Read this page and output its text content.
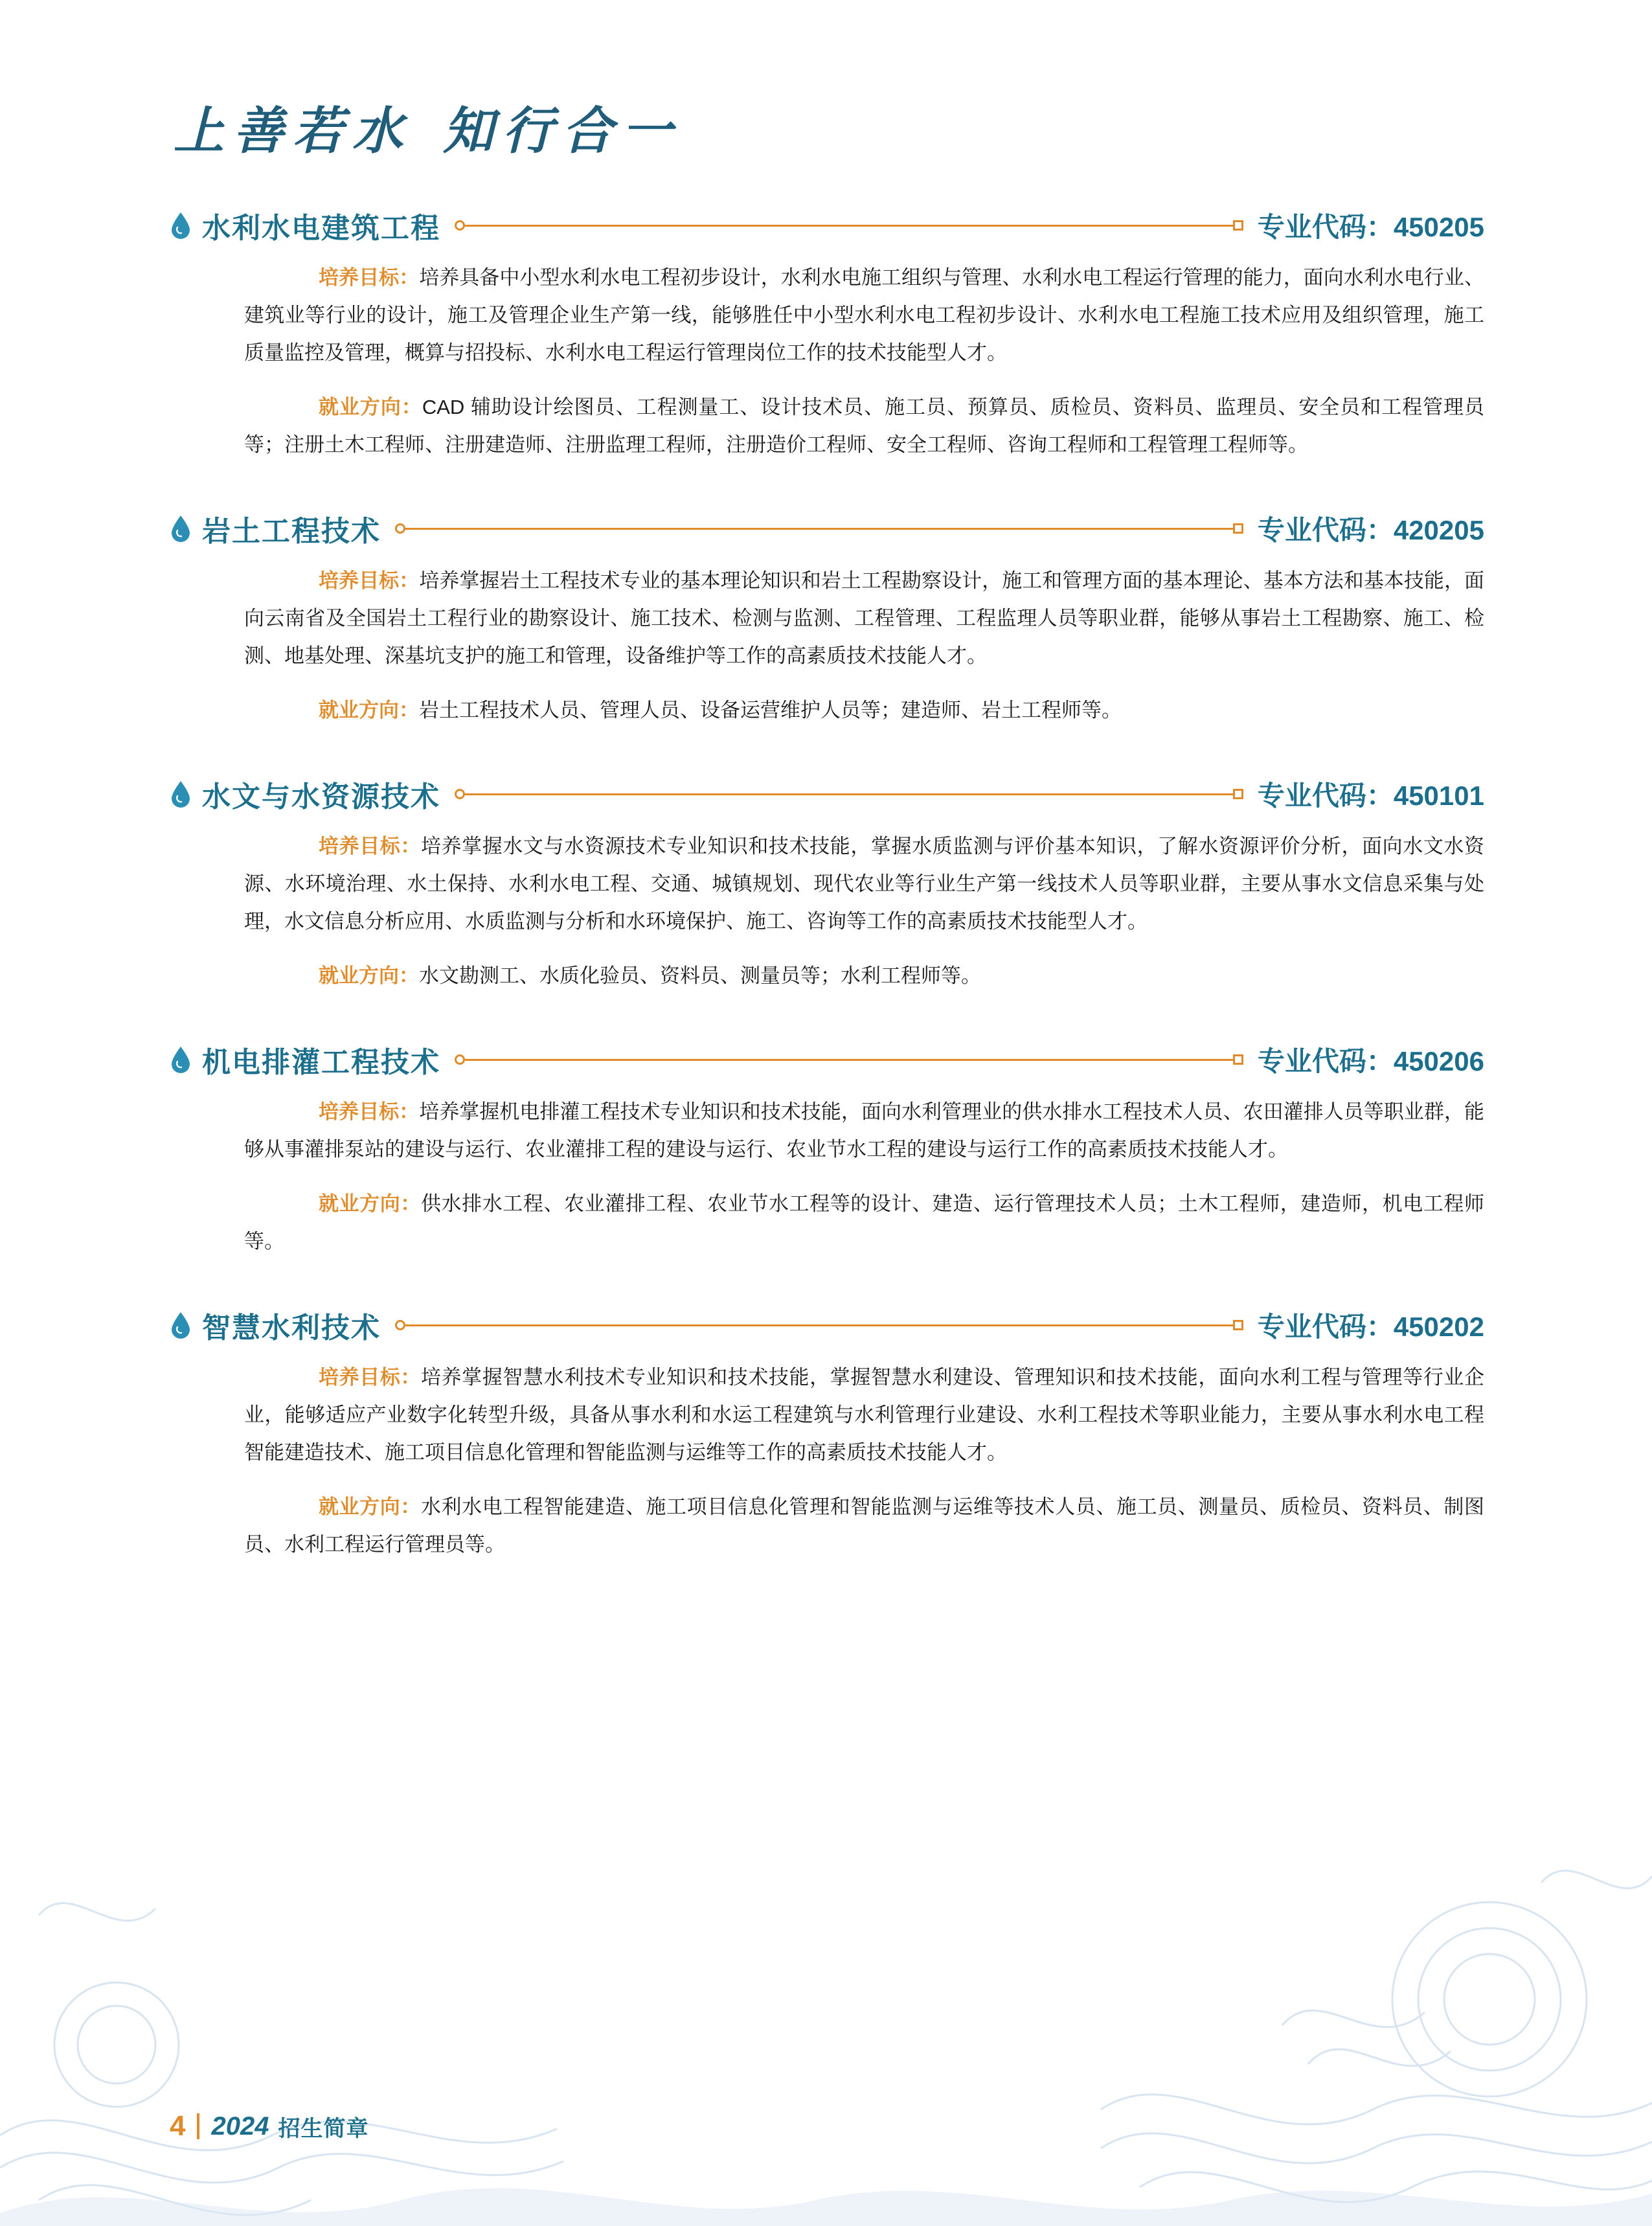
上善若水 知行合一
水利水电建筑工程	专业代码：450205

培养目标：培养具备中小型水利水电工程初步设计，水利水电施工组织与管理、水利水电工程运行管理的能力，面向水利水电行业、建筑业等行业的设计，施工及管理企业生产第一线，能够胜任中小型水利水电工程初步设计、水利水电工程施工技术应用及组织管理，施工质量监控及管理，概算与招投标、水利水电工程运行管理岗位工作的技术技能型人才。

就业方向：CAD 辅助设计绘图员、工程测量工、设计技术员、施工员、预算员、质检员、资料员、监理员、安全员和工程管理员等；注册土木工程师、注册建造师、注册监理工程师，注册造价工程师、安全工程师、咨询工程师和工程管理工程师等。

岩土工程技术	专业代码：420205

培养目标：培养掌握岩土工程技术专业的基本理论知识和岩土工程勘察设计，施工和管理方面的基本理论、基本方法和基本技能，面向云南省及全国岩土工程行业的勘察设计、施工技术、检测与监测、工程管理、工程监理人员等职业群，能够从事岩土工程勘察、施工、检测、地基处理、深基坑支护的施工和管理，设备维护等工作的高素质技术技能人才。

就业方向：岩土工程技术人员、管理人员、设备运营维护人员等；建造师、岩土工程师等。

水文与水资源技术	专业代码：450101

培养目标：培养掌握水文与水资源技术专业知识和技术技能，掌握水质监测与评价基本知识，了解水资源评价分析，面向水文水资源、水环境治理、水土保持、水利水电工程、交通、城镇规划、现代农业等行业生产第一线技术人员等职业群，主要从事水文信息采集与处理，水文信息分析应用、水质监测与分析和水环境保护、施工、咨询等工作的高素质技术技能型人才。

就业方向：水文勘测工、水质化验员、资料员、测量员等；水利工程师等。

机电排灌工程技术	专业代码：450206

培养目标：培养掌握机电排灌工程技术专业知识和技术技能，面向水利管理业的供水排水工程技术人员、农田灌排人员等职业群，能够从事灌排泵站的建设与运行、农业灌排工程的建设与运行、农业节水工程的建设与运行工作的高素质技术技能人才。

就业方向：供水排水工程、农业灌排工程、农业节水工程等的设计、建造、运行管理技术人员；土木工程师，建造师，机电工程师等。

智慧水利技术	专业代码：450202

培养目标：培养掌握智慧水利技术专业知识和技术技能，掌握智慧水利建设、管理知识和技术技能，面向水利工程与管理等行业企业，能够适应产业数字化转型升级，具备从事水利和水运工程建筑与水利管理行业建设、水利工程技术等职业能力，主要从事水利水电工程智能建造技术、施工项目信息化管理和智能监测与运维等工作的高素质技术技能人才。

就业方向：水利水电工程智能建造、施工项目信息化管理和智能监测与运维等技术人员、施工员、测量员、质检员、资料员、制图员、水利工程运行管理员等。

4 2024 招生简章
